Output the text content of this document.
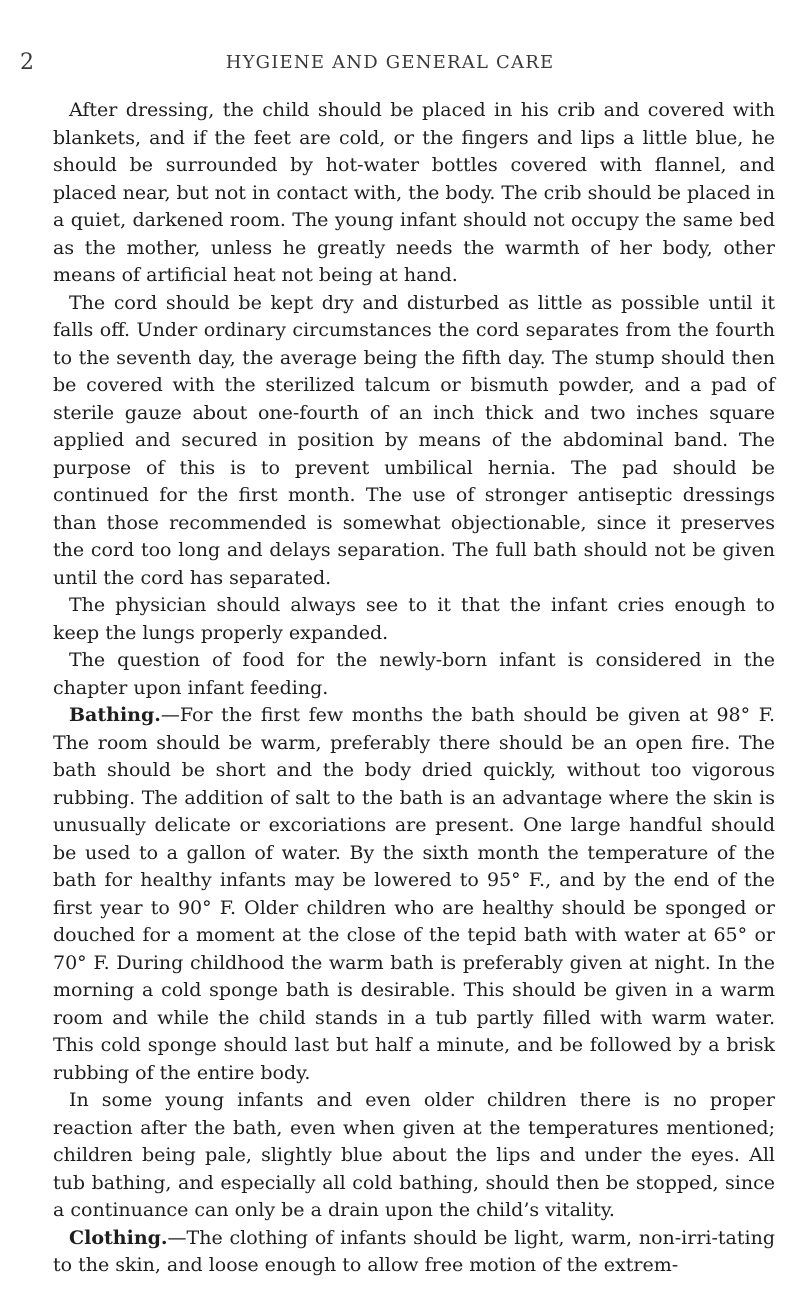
2	HYGIENE AND GENERAL CARE

After dressing, the child should be placed in his crib and covered with blankets, and if the feet are cold, or the fingers and lips a little blue, he should be surrounded by hot-water bottles covered with flannel, and placed near, but not in contact with, the body. The crib should be placed in a quiet, darkened room. The young infant should not occupy the same bed as the mother, unless he greatly needs the warmth of her body, other means of artificial heat not being at hand.

The cord should be kept dry and disturbed as little as possible until it falls off. Under ordinary circumstances the cord separates from the fourth to the seventh day, the average being the fifth day. The stump should then be covered with the sterilized talcum or bismuth powder, and a pad of sterile gauze about one-fourth of an inch thick and two inches square applied and secured in position by means of the abdominal band. The purpose of this is to prevent umbilical hernia. The pad should be continued for the first month. The use of stronger antiseptic dressings than those recommended is somewhat objectionable, since it preserves the cord too long and delays separation. The full bath should not be given until the cord has separated.

The physician should always see to it that the infant cries enough to keep the lungs properly expanded.

The question of food for the newly-born infant is considered in the chapter upon infant feeding.

Bathing.—For the first few months the bath should be given at 98° F. The room should be warm, preferably there should be an open fire. The bath should be short and the body dried quickly, without too vigorous rubbing. The addition of salt to the bath is an advantage where the skin is unusually delicate or excoriations are present. One large handful should be used to a gallon of water. By the sixth month the temperature of the bath for healthy infants may be lowered to 95° F., and by the end of the first year to 90° F. Older children who are healthy should be sponged or douched for a moment at the close of the tepid bath with water at 65° or 70° F. During childhood the warm bath is preferably given at night. In the morning a cold sponge bath is desirable. This should be given in a warm room and while the child stands in a tub partly filled with warm water. This cold sponge should last but half a minute, and be followed by a brisk rubbing of the entire body.

In some young infants and even older children there is no proper reaction after the bath, even when given at the temperatures mentioned; children being pale, slightly blue about the lips and under the eyes. All tub bathing, and especially all cold bathing, should then be stopped, since a continuance can only be a drain upon the child’s vitality.

Clothing.—The clothing of infants should be light, warm, non-irri-tating to the skin, and loose enough to allow free motion of the extrem-
